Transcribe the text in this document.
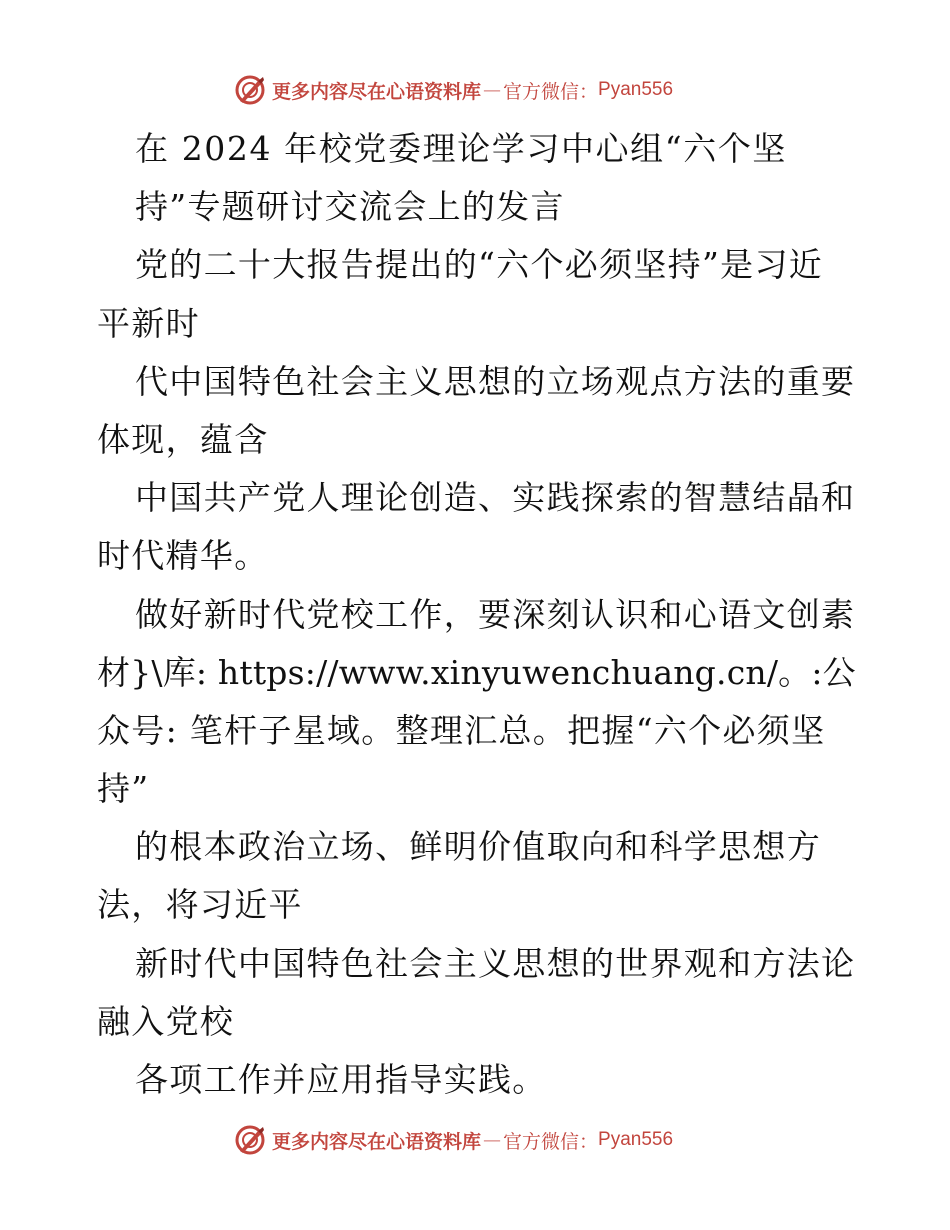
更多内容尽在心语资料库 — 官方微信： Pyan556
在 2024 年校党委理论学习中心组“六个坚
持”专题研讨交流会上的发言
党的二十大报告提出的“六个必须坚持”是习近
平新时
代中国特色社会主义思想的立场观点方法的重要
体现，蕴含
中国共产党人理论创造、实践探索的智慧结晶和
时代精华。
做好新时代党校工作，要深刻认识和心语文创素
材}\库: https://www.xinyuwenchuang.cn/。:公
众号: 笔杆子星域。整理汇总。把握“六个必须坚
持”
的根本政治立场、鲜明价值取向和科学思想方
法，将习近平
新时代中国特色社会主义思想的世界观和方法论
融入党校
各项工作并应用指导实践。
更多内容尽在心语资料库 — 官方微信： Pyan556
